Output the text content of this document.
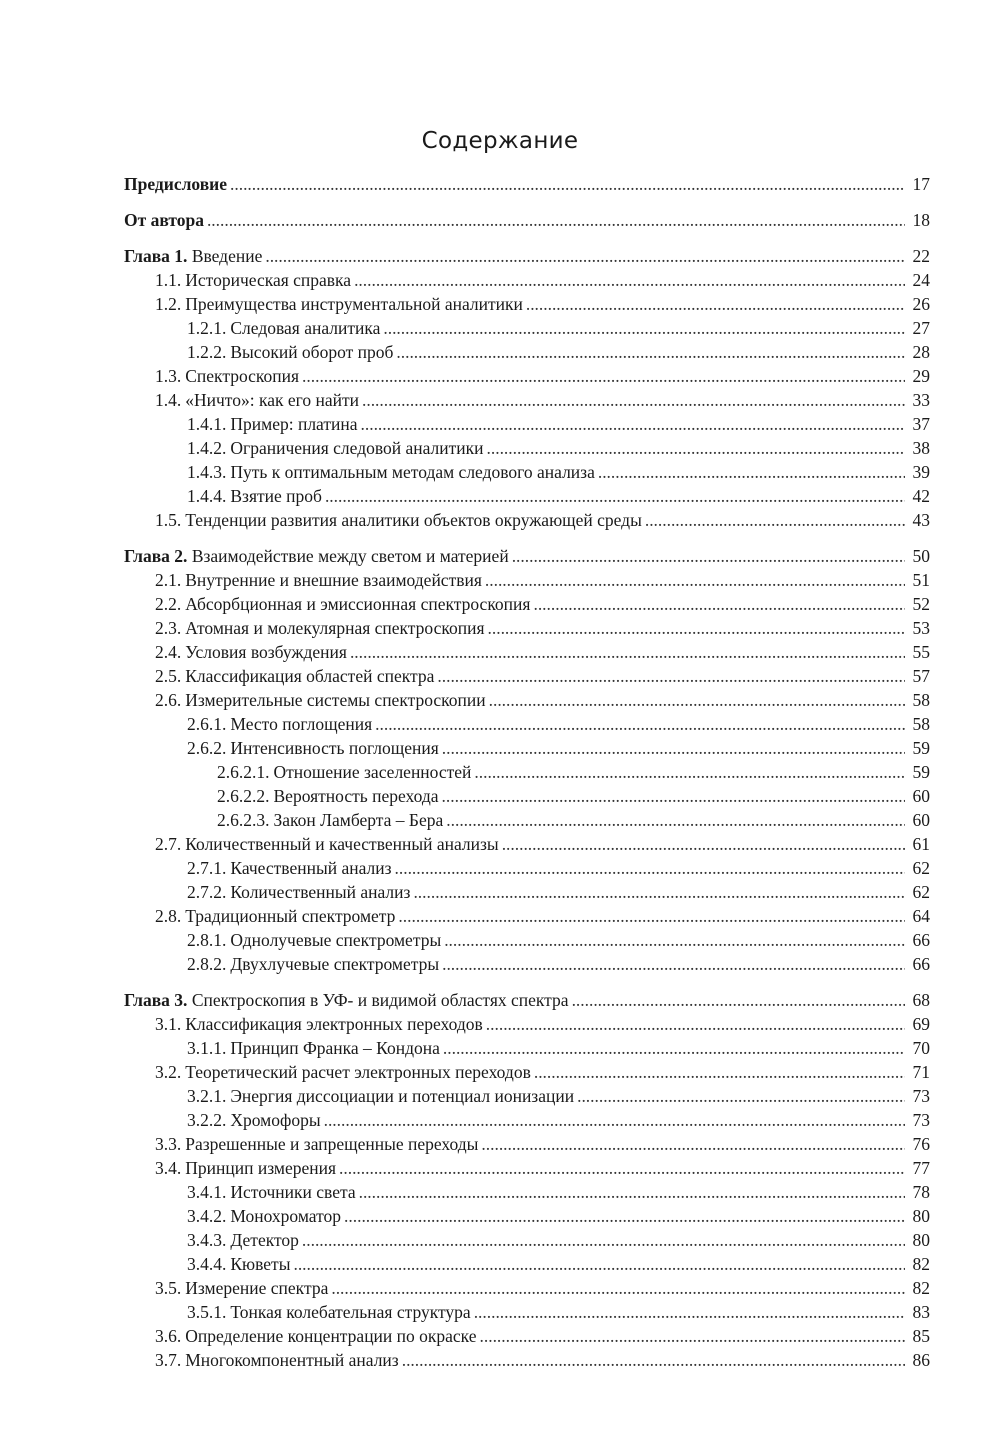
Содержание
Предисловие . . .	17
От автора . . .	18
Глава 1. Введение . . .	22
1.1. Историческая справка . . .	24
1.2. Преимущества инструментальной аналитики . . .	26
1.2.1. Следовая аналитика . . .	27
1.2.2. Высокий оборот проб . . .	28
1.3. Спектроскопия . . .	29
1.4. «Ничто»: как его найти . . .	33
1.4.1. Пример: платина . . .	37
1.4.2. Ограничения следовой аналитики . . .	38
1.4.3. Путь к оптимальным методам следового анализа . . .	39
1.4.4. Взятие проб . . .	42
1.5. Тенденции развития аналитики объектов окружающей среды . . .	43
Глава 2. Взаимодействие между светом и материей . . .	50
2.1. Внутренние и внешние взаимодействия . . .	51
2.2. Абсорбционная и эмиссионная спектроскопия . . .	52
2.3. Атомная и молекулярная спектроскопия . . .	53
2.4. Условия возбуждения . . .	55
2.5. Классификация областей спектра . . .	57
2.6. Измерительные системы спектроскопии . . .	58
2.6.1. Место поглощения . . .	58
2.6.2. Интенсивность поглощения . . .	59
2.6.2.1. Отношение заселенностей . . .	59
2.6.2.2. Вероятность перехода . . .	60
2.6.2.3. Закон Ламберта – Бера . . .	60
2.7. Количественный и качественный анализы . . .	61
2.7.1. Качественный анализ . . .	62
2.7.2. Количественный анализ . . .	62
2.8. Традиционный спектрометр . . .	64
2.8.1. Однолучевые спектрометры . . .	66
2.8.2. Двухлучевые спектрометры . . .	66
Глава 3. Спектроскопия в УФ- и видимой областях спектра . . .	68
3.1. Классификация электронных переходов . . .	69
3.1.1. Принцип Франка – Кондона . . .	70
3.2. Теоретический расчет электронных переходов . . .	71
3.2.1. Энергия диссоциации и потенциал ионизации . . .	73
3.2.2. Хромофоры . . .	73
3.3. Разрешенные и запрещенные переходы . . .	76
3.4. Принцип измерения . . .	77
3.4.1. Источники света . . .	78
3.4.2. Монохроматор . . .	80
3.4.3. Детектор . . .	80
3.4.4. Кюветы . . .	82
3.5. Измерение спектра . . .	82
3.5.1. Тонкая колебательная структура . . .	83
3.6. Определение концентрации по окраске . . .	85
3.7. Многокомпонентный анализ . . .	86
